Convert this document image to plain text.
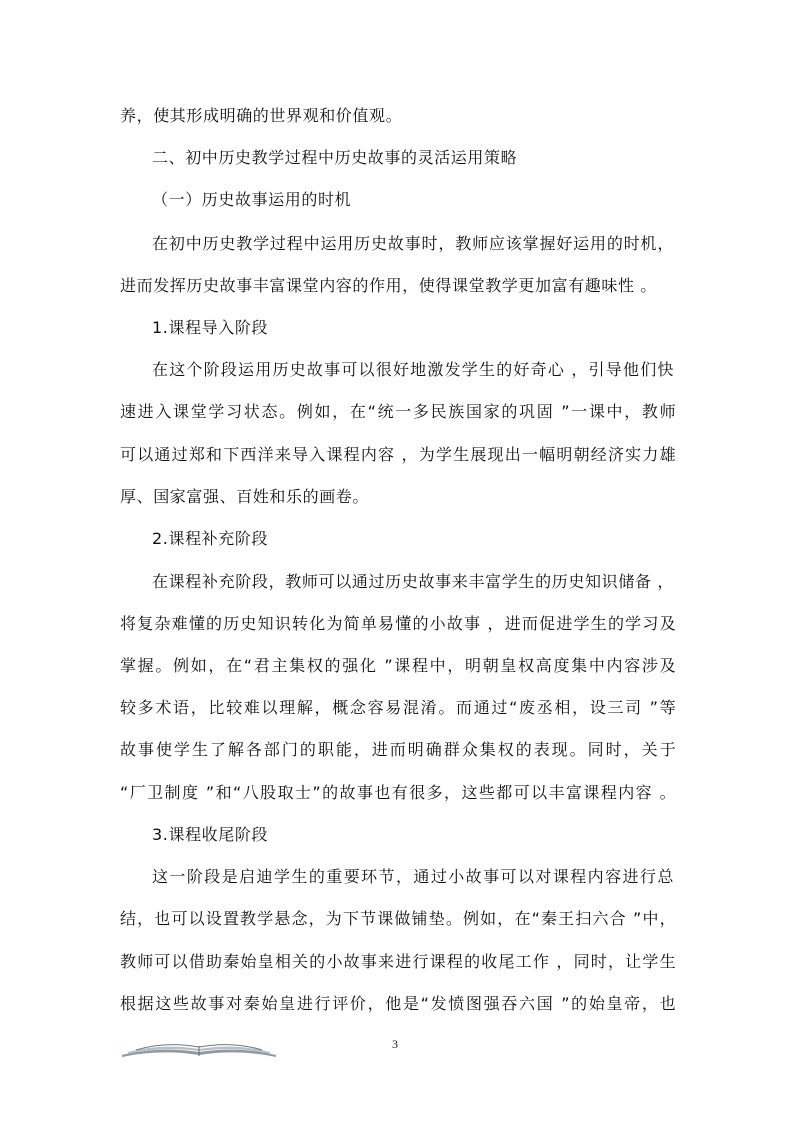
养，使其形成明确的世界观和价值观。
二、初中历史教学过程中历史故事的灵活运用策略
（一）历史故事运用的时机
在初中历史教学过程中运用历史故事时，教师应该掌握好运用的时机，
进而发挥历史故事丰富课堂内容的作用，使得课堂教学更加富有趣味性 。
1.课程导入阶段
在这个阶段运用历史故事可以很好地激发学生的好奇心 ，引导他们快
速进入课堂学习状态。例如，在“统一多民族国家的巩固 ”一课中，教师
可以通过郑和下西洋来导入课程内容 ，为学生展现出一幅明朝经济实力雄
厚、国家富强、百姓和乐的画卷。
2.课程补充阶段
在课程补充阶段，教师可以通过历史故事来丰富学生的历史知识储备 ，
将复杂难懂的历史知识转化为简单易懂的小故事 ，进而促进学生的学习及
掌握。例如，在“君主集权的强化 ”课程中，明朝皇权高度集中内容涉及
较多术语，比较难以理解，概念容易混淆。而通过“废丞相，设三司 ”等
故事使学生了解各部门的职能，进而明确群众集权的表现。同时，关于
“厂卫制度 ”和“八股取士”的故事也有很多，这些都可以丰富课程内容 。
3.课程收尾阶段
这一阶段是启迪学生的重要环节，通过小故事可以对课程内容进行总
结，也可以设置教学悬念，为下节课做铺垫。例如，在“秦王扫六合 ”中，
教师可以借助秦始皇相关的小故事来进行课程的收尾工作 ，同时，让学生
根据这些故事对秦始皇进行评价，他是“发愤图强吞六国 ”的始皇帝，也
3
